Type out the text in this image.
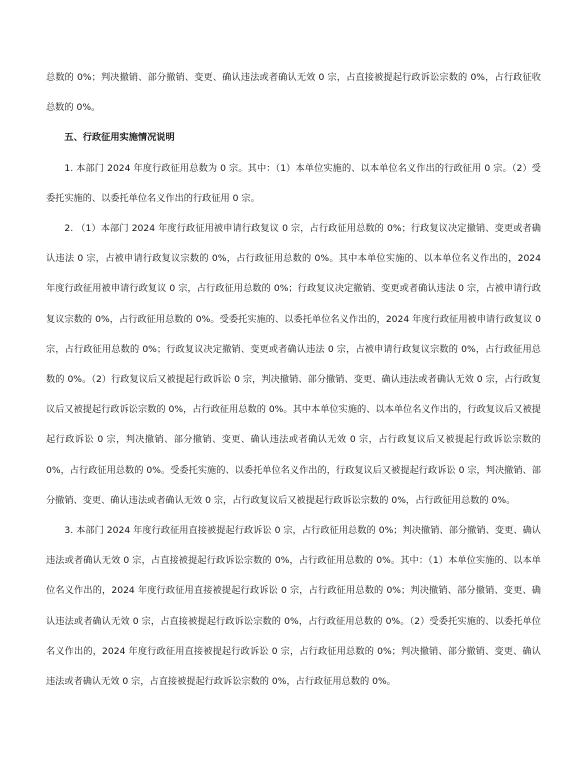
总数的 0%；判决撤销、部分撤销、变更、确认违法或者确认无效 0 宗，占直接被提起行政诉讼宗数的 0%，占行政征收总数的 0%。

五、行政征用实施情况说明

1. 本部门 2024 年度行政征用总数为 0 宗。其中：（1）本单位实施的、以本单位名义作出的行政征用 0 宗。（2）受委托实施的、以委托单位名义作出的行政征用 0 宗。

2. （1）本部门 2024 年度行政征用被申请行政复议 0 宗，占行政征用总数的 0%；行政复议决定撤销、变更或者确认违法 0 宗，占被申请行政复议宗数的 0%，占行政征用总数的 0%。其中本单位实施的、以本单位名义作出的，2024 年度行政征用被申请行政复议 0 宗，占行政征用总数的 0%；行政复议决定撤销、变更或者确认违法 0 宗，占被申请行政复议宗数的 0%，占行政征用总数的 0%。受委托实施的、以委托单位名义作出的，2024 年度行政征用被申请行政复议 0 宗，占行政征用总数的 0%；行政复议决定撤销、变更或者确认违法 0 宗，占被申请行政复议宗数的 0%，占行政征用总数的 0%。（2）行政复议后又被提起行政诉讼 0 宗，判决撤销、部分撤销、变更、确认违法或者确认无效 0 宗，占行政复议后又被提起行政诉讼宗数的 0%，占行政征用总数的 0%。其中本单位实施的、以本单位名义作出的，行政复议后又被提起行政诉讼 0 宗，判决撤销、部分撤销、变更、确认违法或者确认无效 0 宗，占行政复议后又被提起行政诉讼宗数的 0%，占行政征用总数的 0%。受委托实施的、以委托单位名义作出的，行政复议后又被提起行政诉讼 0 宗，判决撤销、部分撤销、变更、确认违法或者确认无效 0 宗，占行政复议后又被提起行政诉讼宗数的 0%，占行政征用总数的 0%。

3. 本部门 2024 年度行政征用直接被提起行政诉讼 0 宗，占行政征用总数的 0%；判决撤销、部分撤销、变更、确认违法或者确认无效 0 宗，占直接被提起行政诉讼宗数的 0%，占行政征用总数的 0%。其中：（1）本单位实施的、以本单位名义作出的，2024 年度行政征用直接被提起行政诉讼 0 宗，占行政征用总数的 0%；判决撤销、部分撤销、变更、确认违法或者确认无效 0 宗，占直接被提起行政诉讼宗数的 0%，占行政征用总数的 0%。（2）受委托实施的、以委托单位名义作出的，2024 年度行政征用直接被提起行政诉讼 0 宗，占行政征用总数的 0%；判决撤销、部分撤销、变更、确认违法或者确认无效 0 宗，占直接被提起行政诉讼宗数的 0%，占行政征用总数的 0%。
